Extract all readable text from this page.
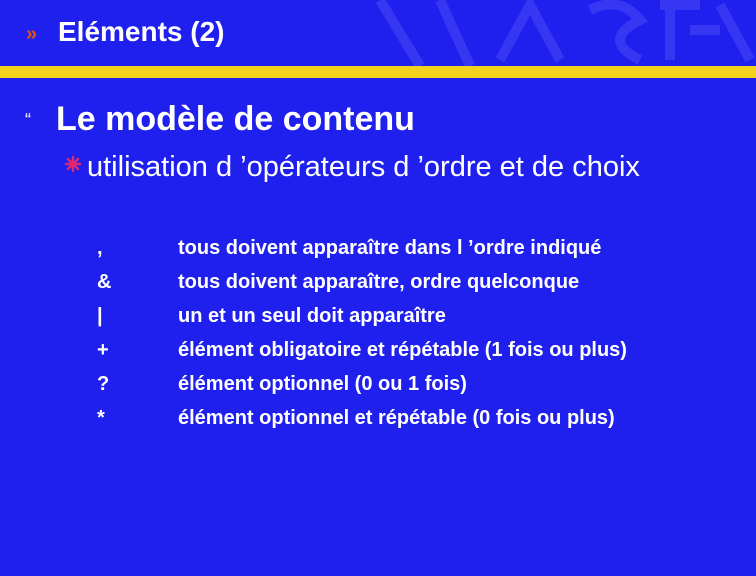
» Eléments (2)
“ Le modèle de contenu
utilisation d ’opérateurs d ’ordre et de choix
,	tous doivent apparaître dans l ’ordre indiqué
&	tous doivent apparaître, ordre quelconque
|	un et un seul doit apparaître
+	élément obligatoire et répétable (1 fois ou plus)
?	élément optionnel (0 ou 1 fois)
*	élément optionnel et répétable (0 fois ou plus)
